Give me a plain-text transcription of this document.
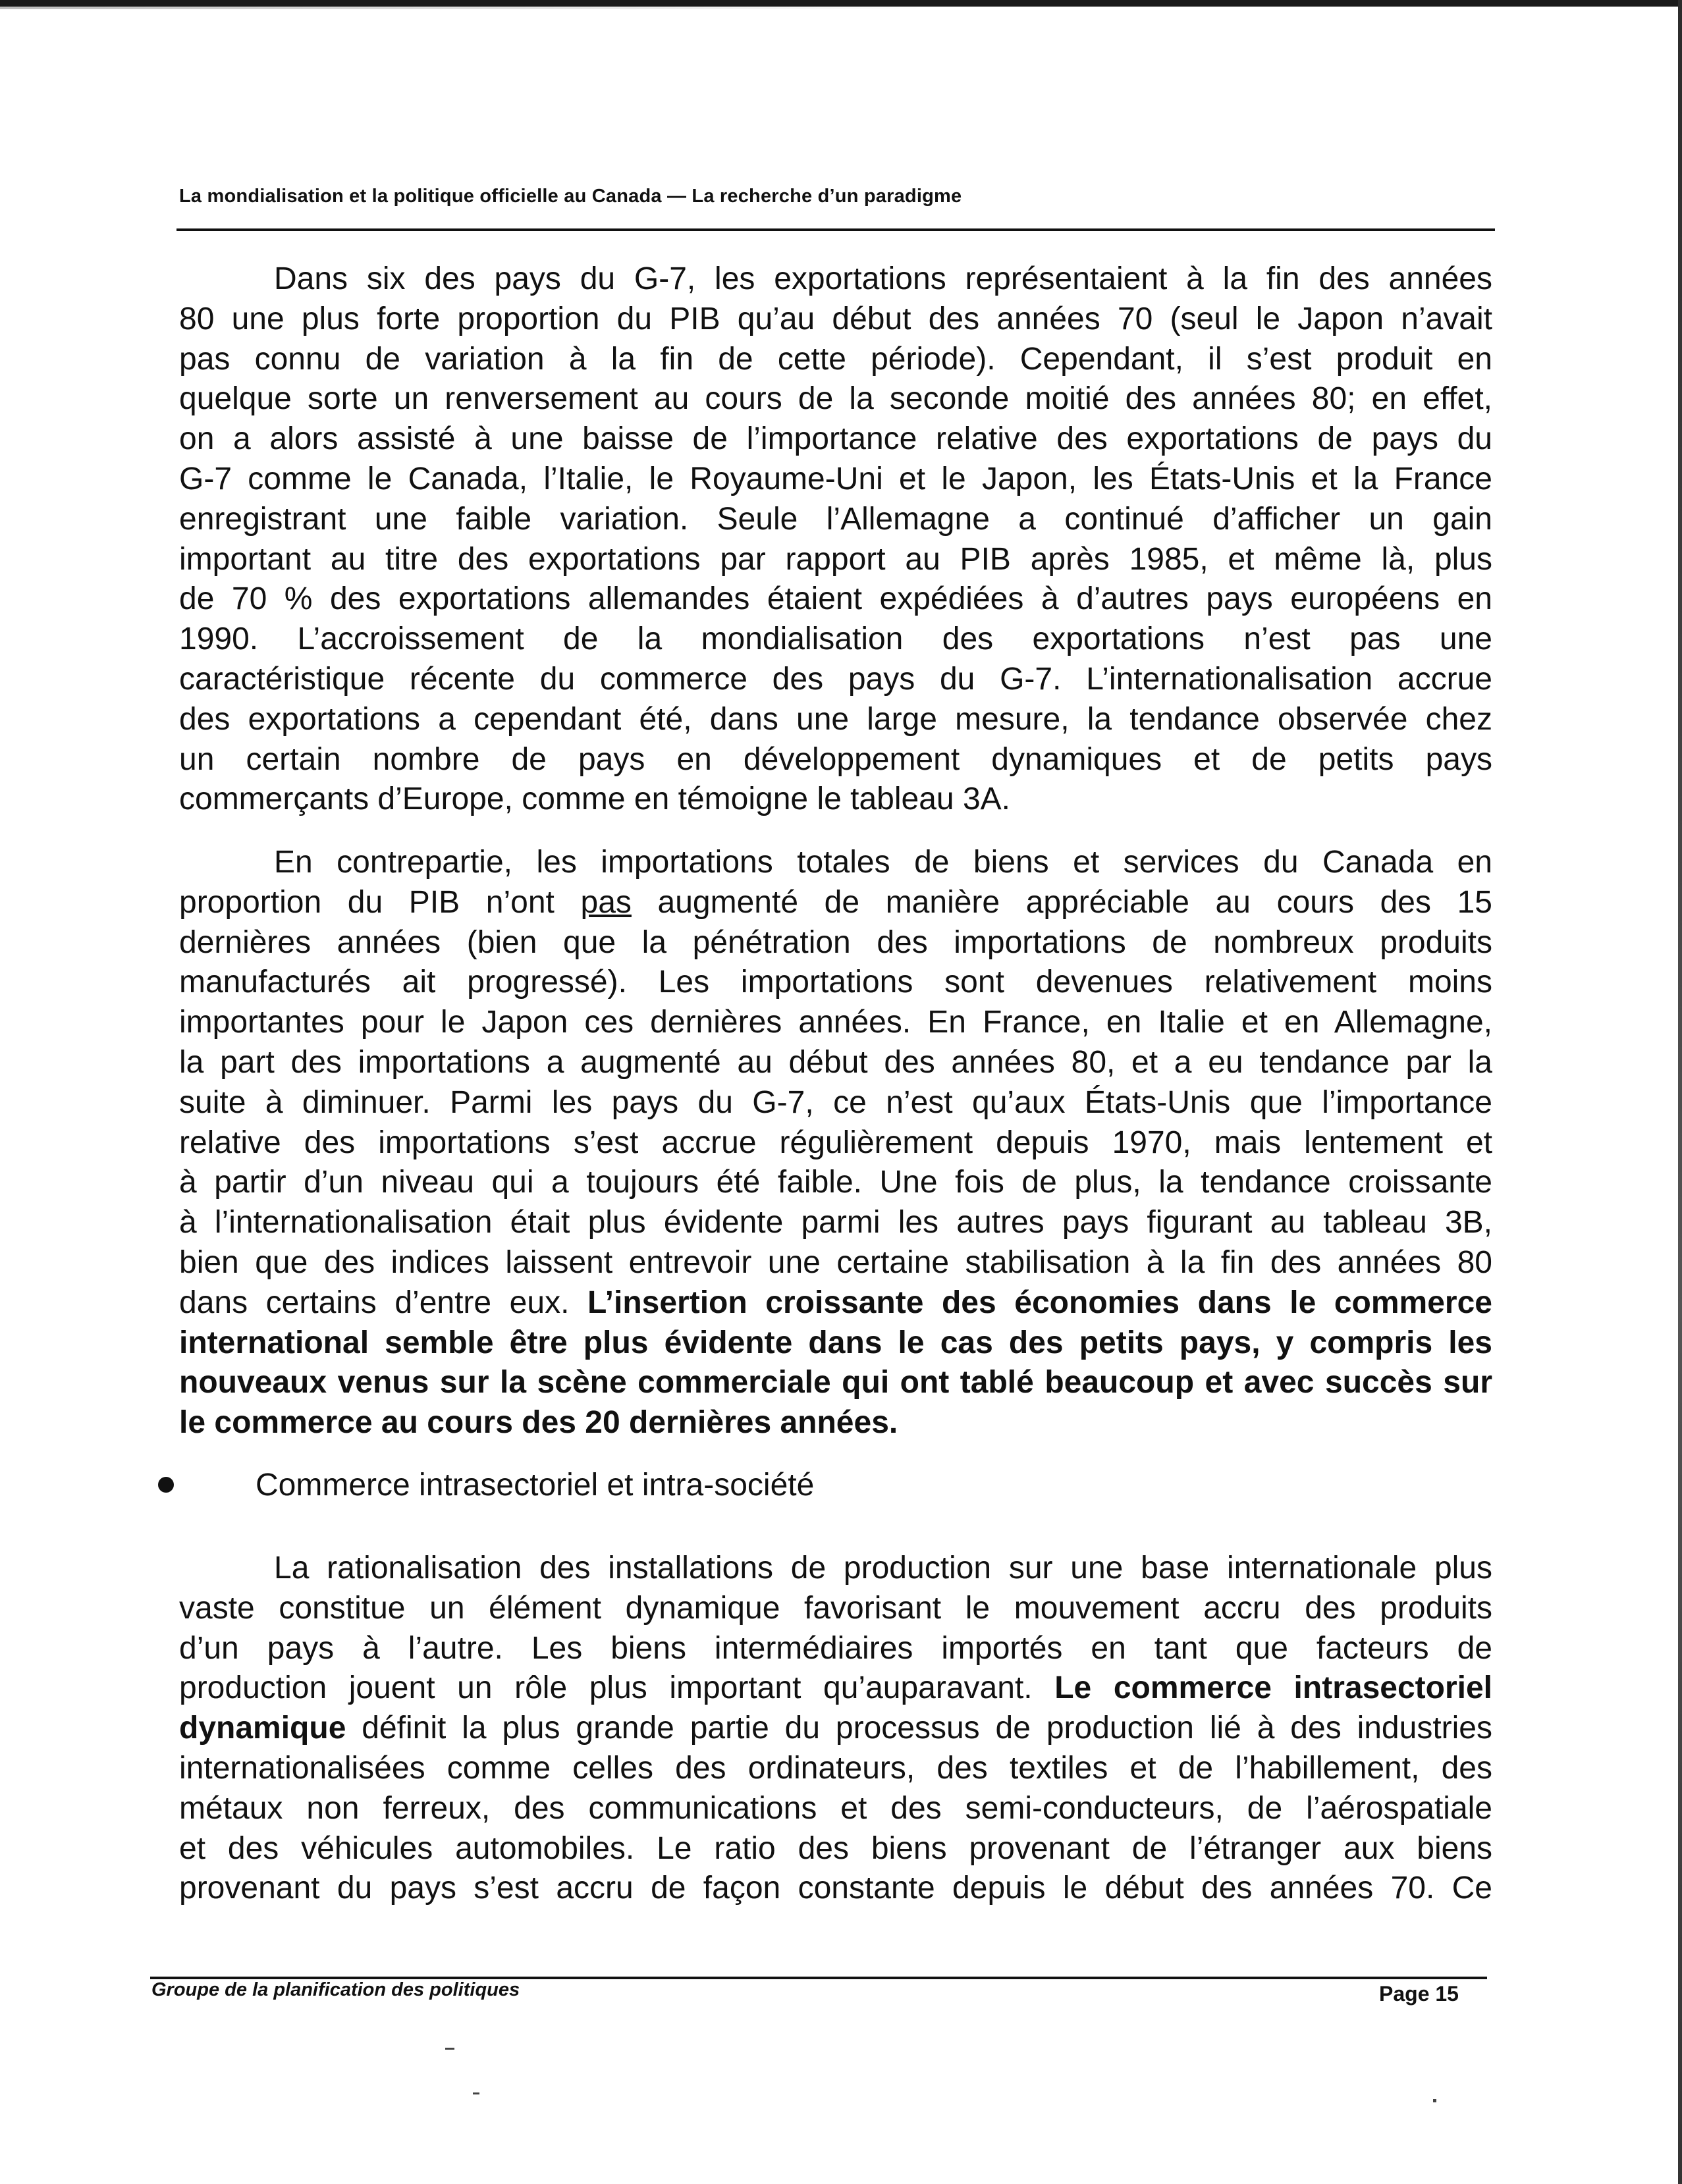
La mondialisation et la politique officielle au Canada — La recherche d’un paradigme
Dans six des pays du G-7, les exportations représentaient à la fin des années
80 une plus forte proportion du PIB qu’au début des années 70 (seul le Japon n’avait
pas connu de variation à la fin de cette période). Cependant, il s’est produit en
quelque sorte un renversement au cours de la seconde moitié des années 80; en effet,
on a alors assisté à une baisse de l’importance relative des exportations de pays du
G-7 comme le Canada, l’Italie, le Royaume-Uni et le Japon, les États-Unis et la France
enregistrant une faible variation. Seule l’Allemagne a continué d’afficher un gain
important au titre des exportations par rapport au PIB après 1985, et même là, plus
de 70 % des exportations allemandes étaient expédiées à d’autres pays européens en
1990. L’accroissement de la mondialisation des exportations n’est pas une
caractéristique récente du commerce des pays du G-7. L’internationalisation accrue
des exportations a cependant été, dans une large mesure, la tendance observée chez
un certain nombre de pays en développement dynamiques et de petits pays
commerçants d’Europe, comme en témoigne le tableau 3A.
En contrepartie, les importations totales de biens et services du Canada en
proportion du PIB n’ont pas augmenté de manière appréciable au cours des 15
dernières années (bien que la pénétration des importations de nombreux produits
manufacturés ait progressé). Les importations sont devenues relativement moins
importantes pour le Japon ces dernières années. En France, en Italie et en Allemagne,
la part des importations a augmenté au début des années 80, et a eu tendance par la
suite à diminuer. Parmi les pays du G-7, ce n’est qu’aux États-Unis que l’importance
relative des importations s’est accrue régulièrement depuis 1970, mais lentement et
à partir d’un niveau qui a toujours été faible. Une fois de plus, la tendance croissante
à l’internationalisation était plus évidente parmi les autres pays figurant au tableau 3B,
bien que des indices laissent entrevoir une certaine stabilisation à la fin des années 80
dans certains d’entre eux. L’insertion croissante des économies dans le commerce
international semble être plus évidente dans le cas des petits pays, y compris les
nouveaux venus sur la scène commerciale qui ont tablé beaucoup et avec succès sur
le commerce au cours des 20 dernières années.
Commerce intrasectoriel et intra-société
La rationalisation des installations de production sur une base internationale plus
vaste constitue un élément dynamique favorisant le mouvement accru des produits
d’un pays à l’autre. Les biens intermédiaires importés en tant que facteurs de
production jouent un rôle plus important qu’auparavant. Le commerce intrasectoriel
dynamique définit la plus grande partie du processus de production lié à des industries
internationalisées comme celles des ordinateurs, des textiles et de l’habillement, des
métaux non ferreux, des communications et des semi-conducteurs, de l’aérospatiale
et des véhicules automobiles. Le ratio des biens provenant de l’étranger aux biens
provenant du pays s’est accru de façon constante depuis le début des années 70. Ce
Groupe de la planification des politiques	Page 15
